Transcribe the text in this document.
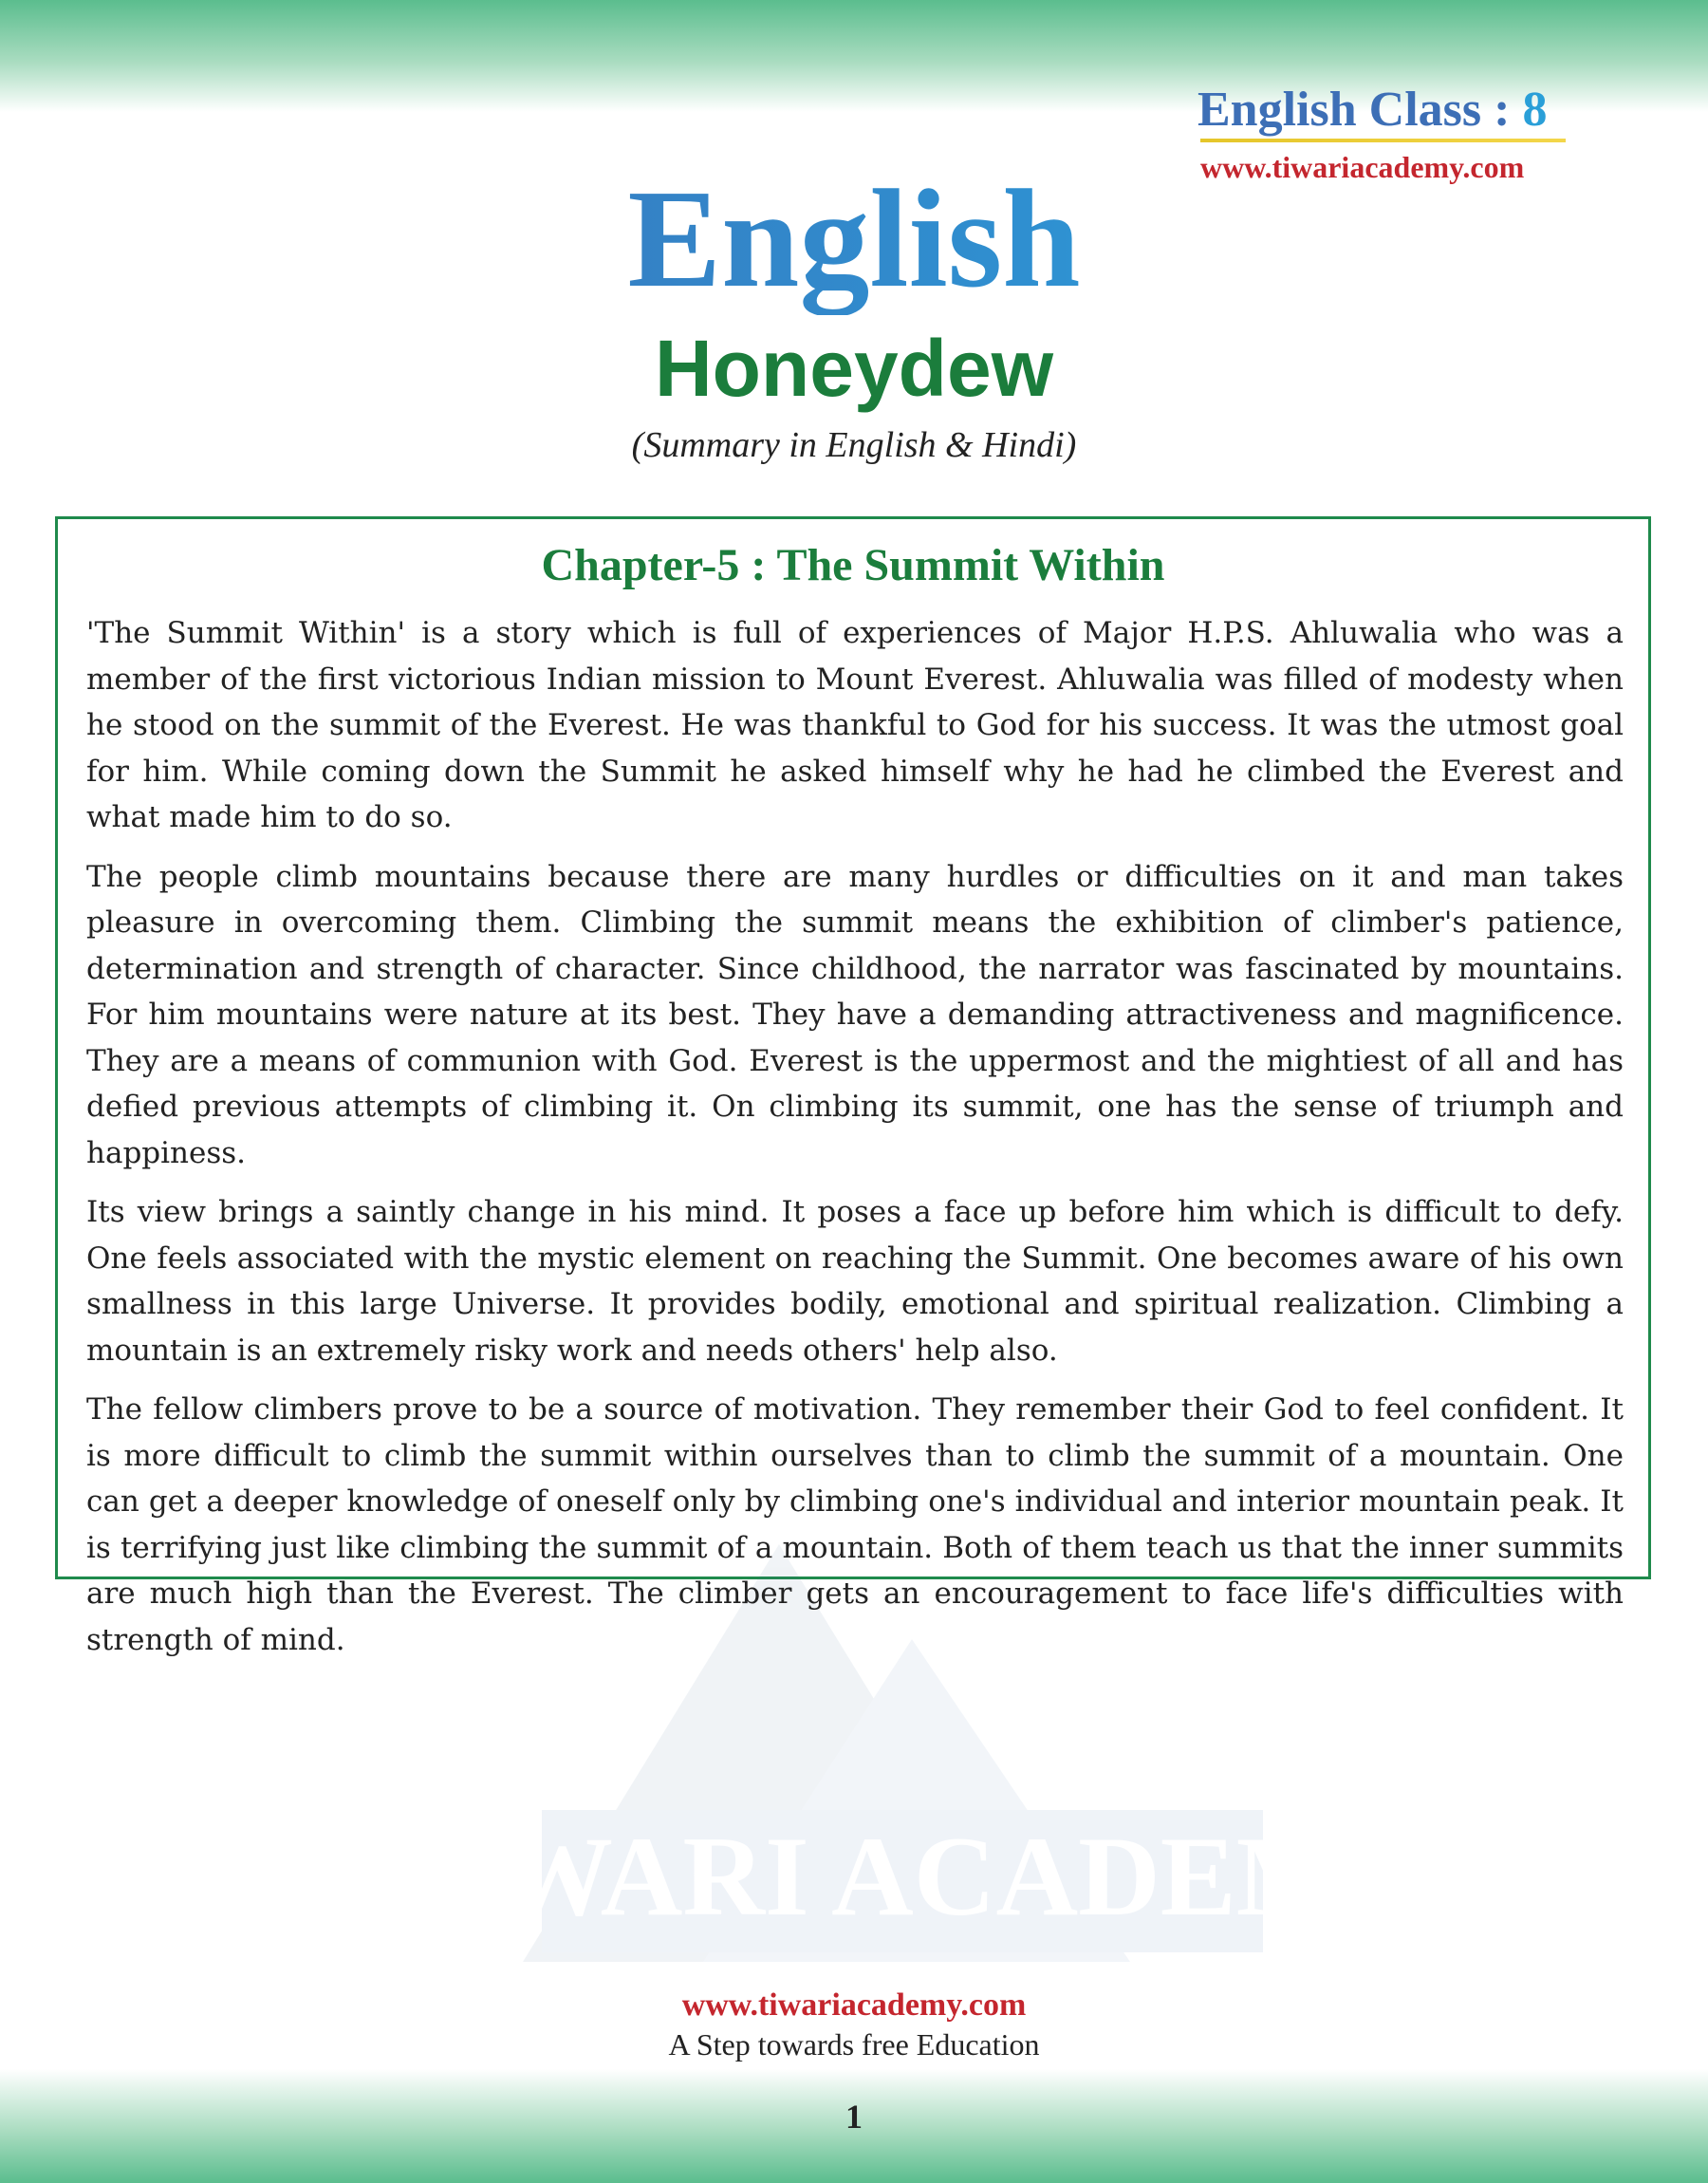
English Class : 8
English
Honeydew
(Summary in English & Hindi)
TIWARI ACADEMY
Chapter-5 : The Summit Within

'The Summit Within' is a story which is full of experiences of Major H.P.S. Ahluwalia who was a member of the first victorious Indian mission to Mount Everest. Ahluwalia was filled of modesty when he stood on the summit of the Everest. He was thankful to God for his success. It was the utmost goal for him. While coming down the Summit he asked himself why he had he climbed the Everest and what made him to do so.

The people climb mountains because there are many hurdles or difficulties on it and man takes pleasure in overcoming them. Climbing the summit means the exhibition of climber's patience, determination and strength of character. Since childhood, the narrator was fascinated by mountains. For him mountains were nature at its best. They have a demanding attractiveness and magnificence. They are a means of communion with God. Everest is the uppermost and the mightiest of all and has defied previous attempts of climbing it. On climbing its summit, one has the sense of triumph and happiness.

Its view brings a saintly change in his mind. It poses a face up before him which is difficult to defy. One feels associated with the mystic element on reaching the Summit. One becomes aware of his own smallness in this large Universe. It provides bodily, emotional and spiritual realization. Climbing a mountain is an extremely risky work and needs others' help also.

The fellow climbers prove to be a source of motivation. They remember their God to feel confident. It is more difficult to climb the summit within ourselves than to climb the summit of a mountain. One can get a deeper knowledge of oneself only by climbing one's individual and interior mountain peak. It is terrifying just like climbing the summit of a mountain. Both of them teach us that the inner summits are much high than the Everest. The climber gets an encouragement to face life's difficulties with strength of mind.

www.tiwariacademy.com
A Step towards free Education
1
